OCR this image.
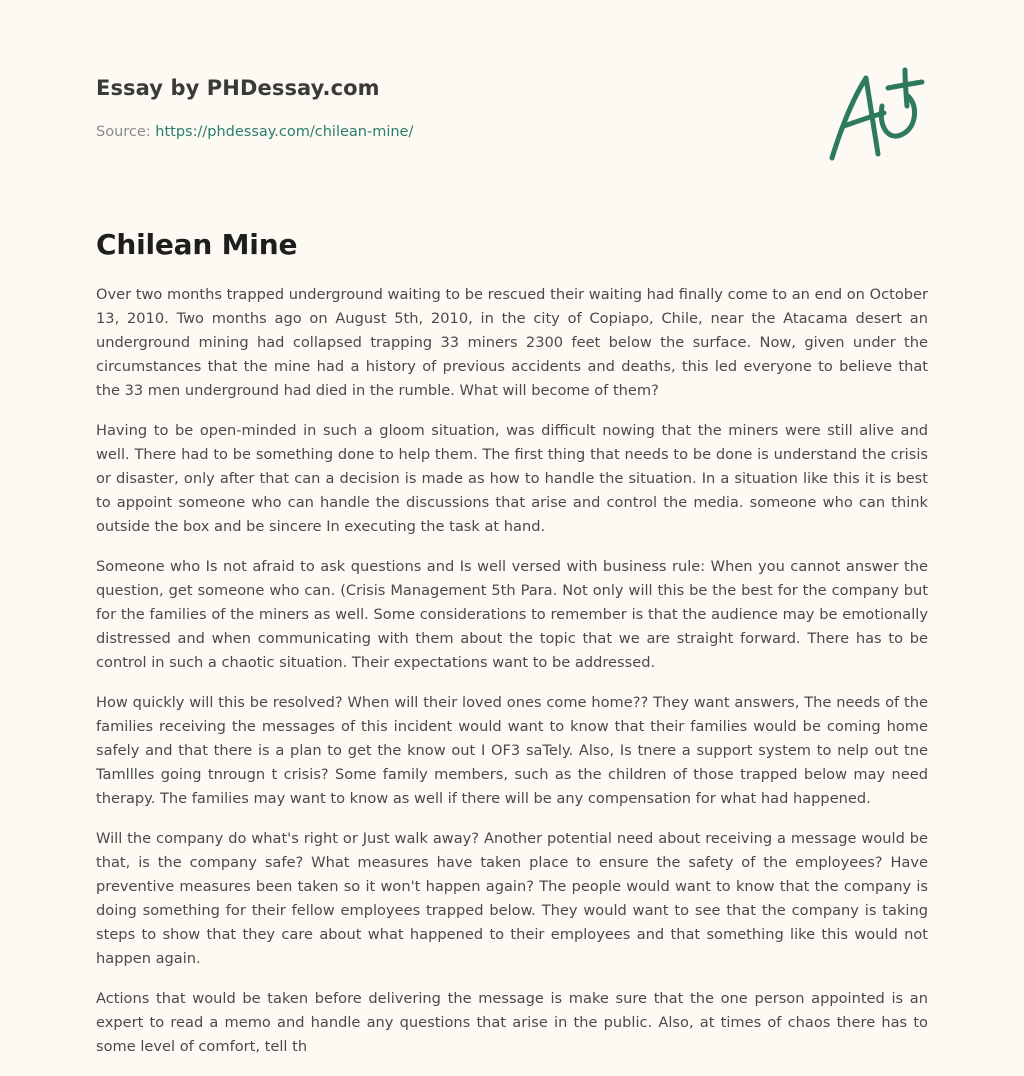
Essay by PHDessay.com
Source: https://phdessay.com/chilean-mine/
Chilean Mine

Over two months trapped underground waiting to be rescued their waiting had finally come to an end on October 13, 2010. Two months ago on August 5th, 2010, in the city of Copiapo, Chile, near the Atacama desert an underground mining had collapsed trapping 33 miners 2300 feet below the surface. Now, given under the circumstances that the mine had a history of previous accidents and deaths, this led everyone to believe that the 33 men underground had died in the rumble. What will become of them?

Having to be open-minded in such a gloom situation, was difficult nowing that the miners were still alive and well. There had to be something done to help them. The first thing that needs to be done is understand the crisis or disaster, only after that can a decision is made as how to handle the situation. In a situation like this it is best to appoint someone who can handle the discussions that arise and control the media. someone who can think outside the box and be sincere In executing the task at hand.

Someone who Is not afraid to ask questions and Is well versed with business rule: When you cannot answer the question, get someone who can. (Crisis Management 5th Para. Not only will this be the best for the company but for the families of the miners as well. Some considerations to remember is that the audience may be emotionally distressed and when communicating with them about the topic that we are straight forward. There has to be control in such a chaotic situation. Their expectations want to be addressed.

How quickly will this be resolved? When will their loved ones come home?? They want answers, The needs of the families receiving the messages of this incident would want to know that their families would be coming home safely and that there is a plan to get the know out I OF3 saTely. Also, Is tnere a support system to nelp out tne Tamllles going tnrougn t crisis? Some family members, such as the children of those trapped below may need therapy. The families may want to know as well if there will be any compensation for what had happened.

Will the company do what's right or Just walk away? Another potential need about receiving a message would be that, is the company safe? What measures have taken place to ensure the safety of the employees? Have preventive measures been taken so it won't happen again? The people would want to know that the company is doing something for their fellow employees trapped below. They would want to see that the company is taking steps to show that they care about what happened to their employees and that something like this would not happen again.

Actions that would be taken before delivering the message is make sure that the one person appointed is an expert to read a memo and handle any questions that arise in the public. Also, at times of chaos there has to some level of comfort, tell th
